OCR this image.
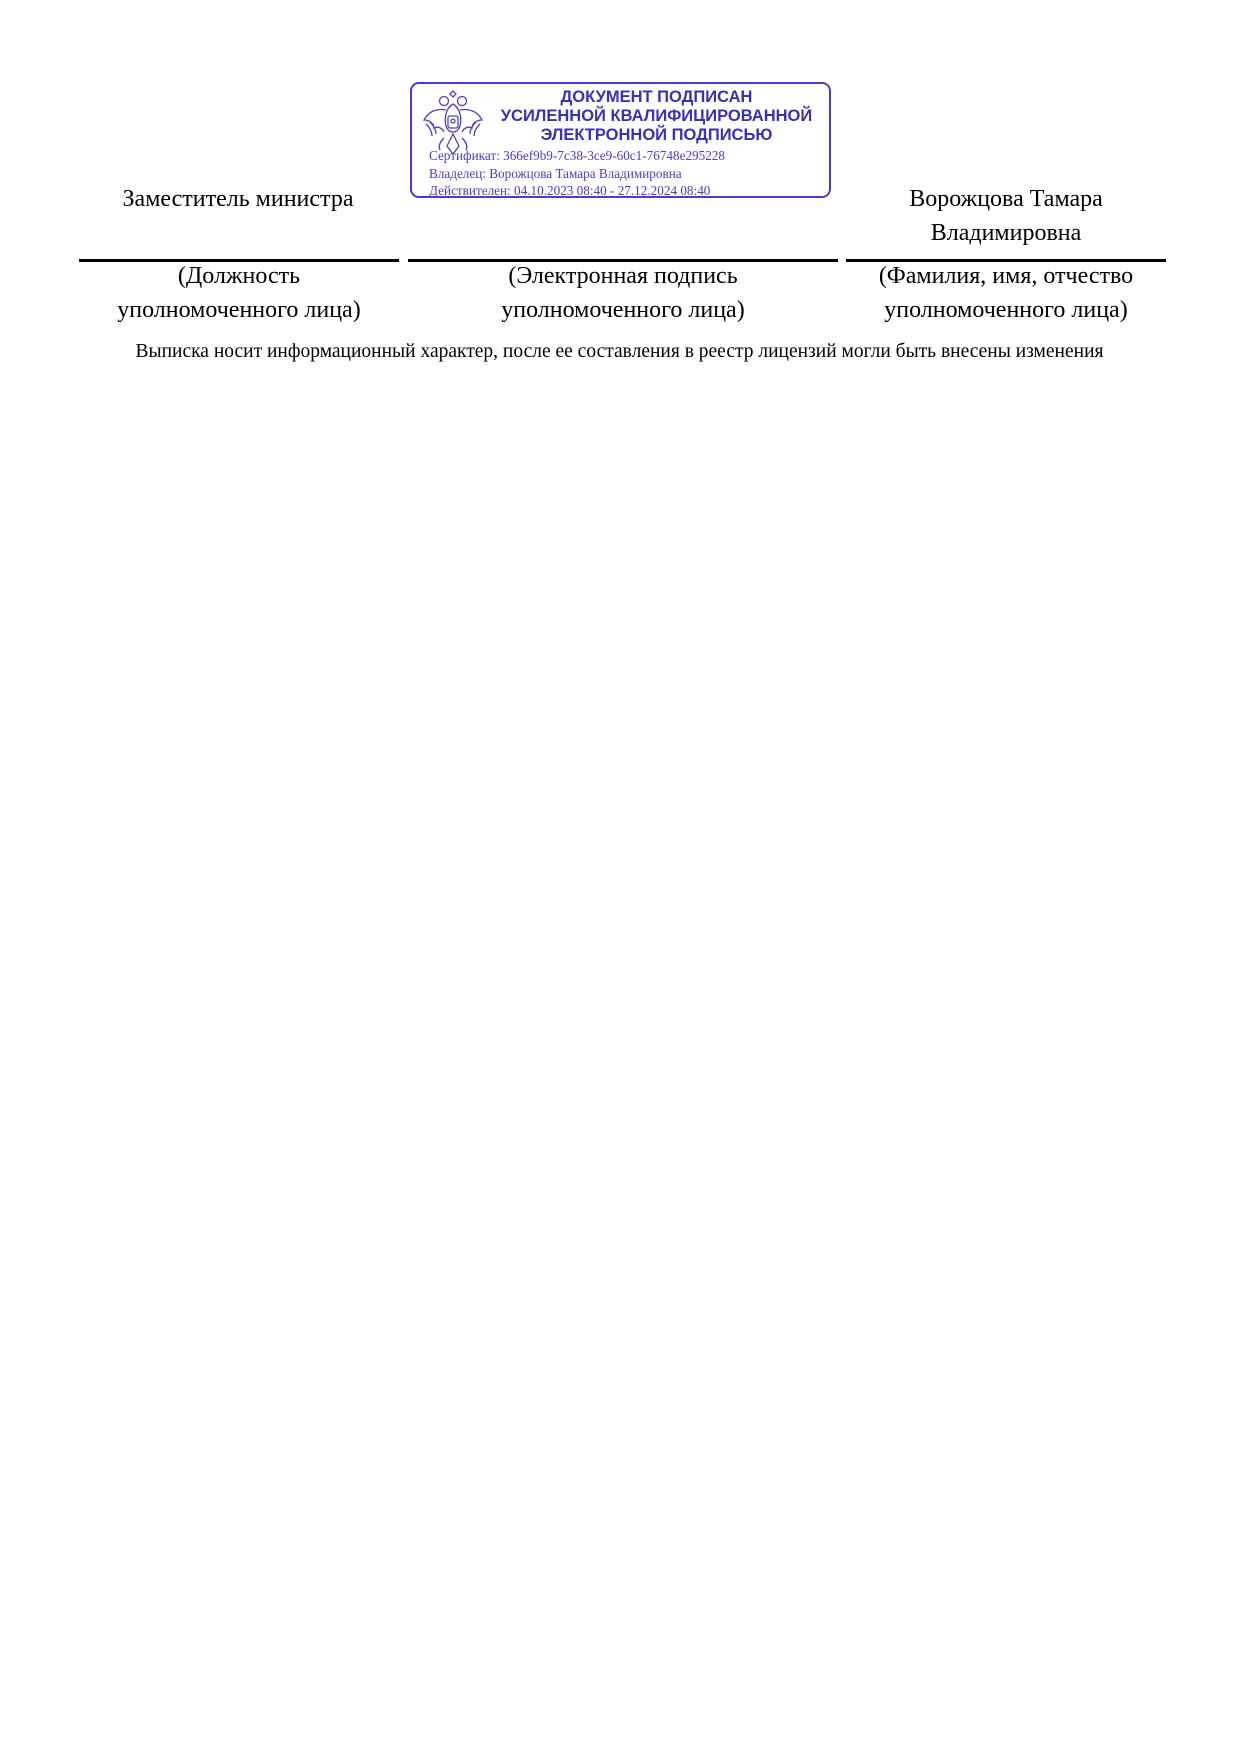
ДОКУМЕНТ ПОДПИСАН
УСИЛЕННОЙ КВАЛИФИЦИРОВАННОЙ
ЭЛЕКТРОННОЙ ПОДПИСЬЮ
Сертификат: 366ef9b9-7c38-3ce9-60c1-76748e295228
Владелец: Ворожцова Тамара Владимировна
Действителен: 04.10.2023 08:40 - 27.12.2024 08:40
Заместитель министра	Ворожцова Тамара
Владимировна
(Должность
уполномоченного лица)
(Электронная подпись
уполномоченного лица)
(Фамилия, имя, отчество
уполномоченного лица)
Выписка носит информационный характер, после ее составления в реестр лицензий могли быть внесены изменения
